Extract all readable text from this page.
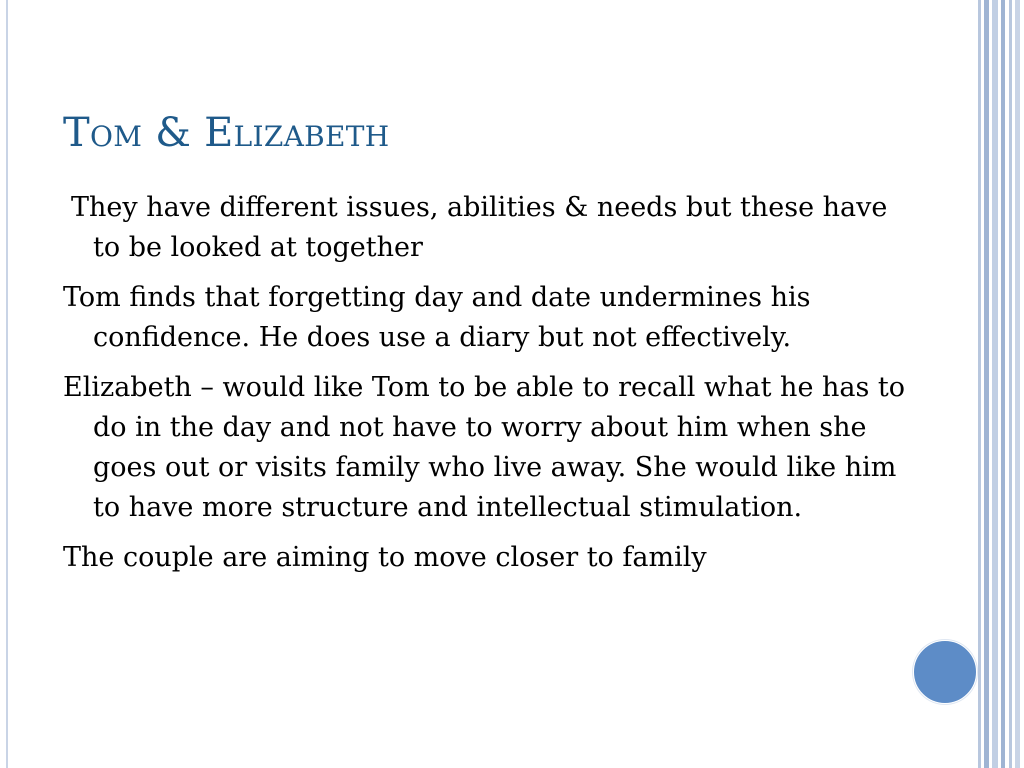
Tom & Elizabeth

They have different issues, abilities & needs but these have to be looked at together

Tom finds that forgetting day and date undermines his confidence. He does use a diary but not effectively.

Elizabeth – would like Tom to be able to recall what he has to do in the day and not have to worry about him when she goes out or visits family who live away. She would like him to have more structure and intellectual stimulation.

The couple are aiming to move closer to family
